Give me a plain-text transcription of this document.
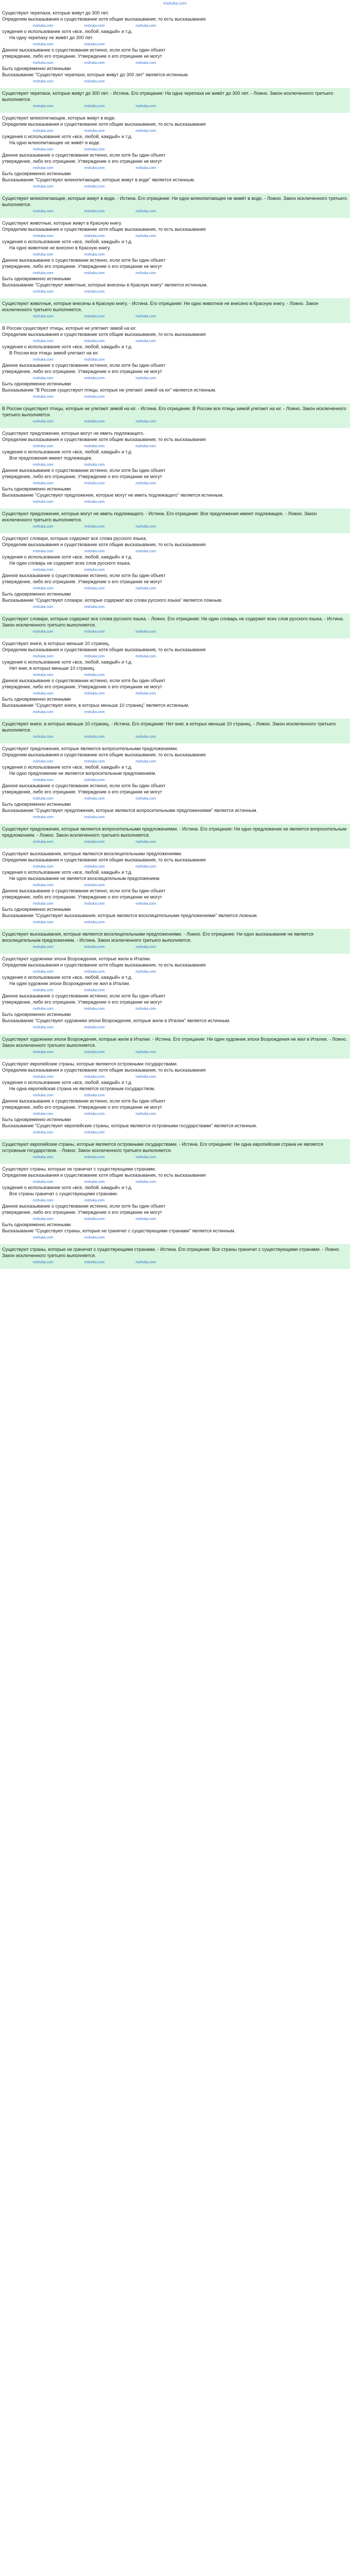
mshuka.com

Существуют черепахи, которые живут до 300 лет.

Определим высказывания и существование хотя общие высказывания, то есть высказывания

mshuka.com	mshuka.com	mshuka.com

суждения о использование хотя «все, любой, каждый» и т.д.

На одну черепаху не живёт до 300 лет.

mshuka.com	mshuka.com

Данное высказывание о существовании истинно, если хотя бы один объект

утверждение, либо его отрицание. Утверждение о его отрицании не могут

mshuka.com	mshuka.com	mshuka.com

Быть одновременно истинными

Высказывание "Существуют черепахи, которые живут до 300 лет" является истинным.

mshuka.com	mshuka.com

Существуют черепахи, которые живут до 300 лет. - Истина. Его отрицание: Ни одна черепаха не живёт до 300 лет. - Ложно. Закон исключенного третьего выполняется.

mshuka.com	mshuka.com	mshuka.com

Существуют млекопитающие, которые живут в воде.

Определим высказывания и существование хотя общие высказывания, то есть высказывания

mshuka.com	mshuka.com	mshuka.com

суждения о использование хотя «все, любой, каждый» и т.д.

На одно млекопитающее не живёт в воде.

mshuka.com	mshuka.com

Данное высказывание о существовании истинно, если хотя бы один объект

утверждение, либо его отрицание. Утверждение о его отрицании не могут

mshuka.com	mshuka.com	mshuka.com

Быть одновременно истинными

Высказывание "Существуют млекопитающие, которые живут в воде" является истинным.

mshuka.com	mshuka.com

Существуют млекопитающие, которые живут в воде. - Истина. Его отрицание: Ни одно млекопитающее не живёт в воде. - Ложно. Закон исключенного третьего выполняется.

mshuka.com	mshuka.com	mshuka.com

Существуют животные, которые живут в Красную книгу.

Определим высказывания и существование хотя общие высказывания, то есть высказывания

mshuka.com	mshuka.com	mshuka.com

суждения о использование хотя «все, любой, каждый» и т.д.

На одно животное не внесено в Красную книгу.

mshuka.com	mshuka.com

Данное высказывание о существовании истинно, если хотя бы один объект

утверждение, либо его отрицание. Утверждение о его отрицании не могут

mshuka.com	mshuka.com	mshuka.com

Быть одновременно истинными

Высказывание "Существуют животные, которые внесены в Красную книгу" является истинным.

mshuka.com	mshuka.com

Существуют животные, которые внесены в Красную книгу. - Истина. Его отрицание: Ни одно животное не внесено в Красную книгу. - Ложно. Закон исключенного третьего выполняется.

mshuka.com	mshuka.com	mshuka.com

В России существуют птицы, которые не улетают зимой на юг.

Определим высказывания и существование хотя общие высказывания, то есть высказывания

mshuka.com	mshuka.com	mshuka.com

суждения о использование хотя «все, любой, каждый» и т.д.

В России все птицы зимой улетают на юг.

mshuka.com	mshuka.com

Данное высказывание о существовании истинно, если хотя бы один объект

утверждение, либо его отрицание. Утверждение о его отрицании не могут

mshuka.com	mshuka.com	mshuka.com

Быть одновременно истинными

Высказывание "В России существуют птицы, которые не улетают зимой на юг" является истинным.

mshuka.com	mshuka.com

В России существуют птицы, которые не улетают зимой на юг. - Истина. Его отрицание: В России все птицы зимой улетают на юг. - Ложно. Закон исключенного третьего выполняется.

mshuka.com	mshuka.com	mshuka.com

Существуют предложения, которые могут не иметь подлежащего.

Определим высказывания и существование хотя общие высказывания, то есть высказывания

mshuka.com	mshuka.com	mshuka.com

суждения о использование хотя «все, любой, каждый» и т.д.

Все предложения имеют подлежащее.

mshuka.com	mshuka.com

Данное высказывание о существовании истинно, если хотя бы один объект

утверждение, либо его отрицание. Утверждение о его отрицании не могут

mshuka.com	mshuka.com	mshuka.com

Быть одновременно истинными

Высказывание "Существуют предложения, которые могут не иметь подлежащего" является истинным.

mshuka.com	mshuka.com

Существуют предложения, которые могут не иметь подлежащего. - Истина. Его отрицание: Все предложения имеют подлежащее. - Ложно. Закон исключенного третьего выполняется.

mshuka.com	mshuka.com	mshuka.com

Существуют словари, которые содержат все слова русского языка.

Определим высказывания и существование хотя общие высказывания, то есть высказывания

mshuka.com	mshuka.com	mshuka.com

суждения о использование хотя «все, любой, каждый» и т.д.

Ни один словарь не содержит всех слов русского языка.

mshuka.com	mshuka.com

Данное высказывание о существовании истинно, если хотя бы один объект

утверждение, либо его отрицание. Утверждение о его отрицании не могут

mshuka.com	mshuka.com	mshuka.com

Быть одновременно истинными

Высказывание "Существуют словари, которые содержат все слова русского языка" является ложным.

mshuka.com	mshuka.com

Существуют словари, которые содержат все слова русского языка. - Ложно. Его отрицание: Ни один словарь не содержит всех слов русского языка. - Истина. Закон исключенного третьего выполняется.

mshuka.com	mshuka.com	mshuka.com

Существуют книги, в которых меньше 10 страниц.

Определим высказывания и существование хотя общие высказывания, то есть высказывания

mshuka.com	mshuka.com	mshuka.com

суждения о использование хотя «все, любой, каждый» и т.д.

Нет книг, в которых меньше 10 страниц.

mshuka.com	mshuka.com

Данное высказывание о существовании истинно, если хотя бы один объект

утверждение, либо его отрицание. Утверждение о его отрицании не могут

mshuka.com	mshuka.com	mshuka.com

Быть одновременно истинными

Высказывание "Существуют книги, в которых меньше 10 страниц" является истинным.

mshuka.com	mshuka.com

Существуют книги, в которых меньше 10 страниц. - Истина. Его отрицание: Нет книг, в которых меньше 10 страниц. - Ложно. Закон исключенного третьего выполняется.

mshuka.com	mshuka.com	mshuka.com

Существуют предложения, которые являются вопросительными предложениями.

Определим высказывания и существование хотя общие высказывания, то есть высказывания

mshuka.com	mshuka.com	mshuka.com

суждения о использование хотя «все, любой, каждый» и т.д.

Ни одно предложение не является вопросительным предложением.

mshuka.com	mshuka.com

Данное высказывание о существовании истинно, если хотя бы один объект

утверждение, либо его отрицание. Утверждение о его отрицании не могут

mshuka.com	mshuka.com	mshuka.com

Быть одновременно истинными

Высказывание "Существуют предложения, которые являются вопросительными предложениями" является истинным.

mshuka.com	mshuka.com

Существуют предложения, которые являются вопросительными предложениями. - Истина. Его отрицание: Ни одно предложение не является вопросительным предложением. - Ложно. Закон исключенного третьего выполняется.

mshuka.com	mshuka.com	mshuka.com

Существуют высказывания, которые являются восклицательными предложениями.

Определим высказывания и существование хотя общие высказывания, то есть высказывания

mshuka.com	mshuka.com	mshuka.com

суждения о использование хотя «все, любой, каждый» и т.д.

Ни одно высказывание не является восклицательным предложением.

mshuka.com	mshuka.com

Данное высказывание о существовании истинно, если хотя бы один объект

утверждение, либо его отрицание. Утверждение о его отрицании не могут

mshuka.com	mshuka.com	mshuka.com

Быть одновременно истинными

Высказывание "Существуют высказывания, которые являются восклицательными предложениями" является ложным.

mshuka.com	mshuka.com

Существуют высказывания, которые являются восклицательными предложениями. - Ложно. Его отрицание: Ни одно высказывание не является восклицательным предложением. - Истина. Закон исключенного третьего выполняется.

mshuka.com	mshuka.com	mshuka.com

Существуют художники эпохи Возрождения, которые жили в Италии.

Определим высказывания и существование хотя общие высказывания, то есть высказывания

mshuka.com	mshuka.com	mshuka.com

суждения о использование хотя «все, любой, каждый» и т.д.

Ни один художник эпохи Возрождения не жил в Италии.

mshuka.com	mshuka.com

Данное высказывание о существовании истинно, если хотя бы один объект

утверждение, либо его отрицание. Утверждение о его отрицании не могут

mshuka.com	mshuka.com	mshuka.com

Быть одновременно истинными

Высказывание "Существуют художники эпохи Возрождения, которые жили в Италии" является истинным.

mshuka.com	mshuka.com

Существуют художники эпохи Возрождения, которые жили в Италии. - Истина. Его отрицание: Ни один художник эпохи Возрождения не жил в Италии. - Ложно. Закон исключенного третьего выполняется.

mshuka.com	mshuka.com	mshuka.com

Существуют европейские страны, которые являются островными государствами.

Определим высказывания и существование хотя общие высказывания, то есть высказывания

mshuka.com	mshuka.com	mshuka.com

суждения о использование хотя «все, любой, каждый» и т.д.

Ни одна европейская страна не является островным государством.

mshuka.com	mshuka.com

Данное высказывание о существовании истинно, если хотя бы один объект

утверждение, либо его отрицание. Утверждение о его отрицании не могут

mshuka.com	mshuka.com	mshuka.com

Быть одновременно истинными

Высказывание "Существуют европейские страны, которые являются островными государствами" является истинным.

mshuka.com	mshuka.com

Существуют европейские страны, которые являются островными государствами. - Истина. Его отрицание: Ни одна европейская страна не является островным государством. - Ложно. Закон исключенного третьего выполняется.

mshuka.com	mshuka.com	mshuka.com

Существуют страны, которые не граничат с существующими странами.

Определим высказывания и существование хотя общие высказывания, то есть высказывания

mshuka.com	mshuka.com	mshuka.com

суждения о использование хотя «все, любой, каждый» и т.д.

Все страны граничат с существующими странами.

mshuka.com	mshuka.com

Данное высказывание о существовании истинно, если хотя бы один объект

утверждение, либо его отрицание. Утверждение о его отрицании не могут

mshuka.com	mshuka.com	mshuka.com

Быть одновременно истинными

Высказывание "Существуют страны, которые не граничат с существующими странами" является истинным.

mshuka.com	mshuka.com

Существуют страны, которые не граничат с существующими странами. - Истина. Его отрицание: Все страны граничат с существующими странами. - Ложно. Закон исключенного третьего выполняется.

mshuka.com	mshuka.com	mshuka.com
